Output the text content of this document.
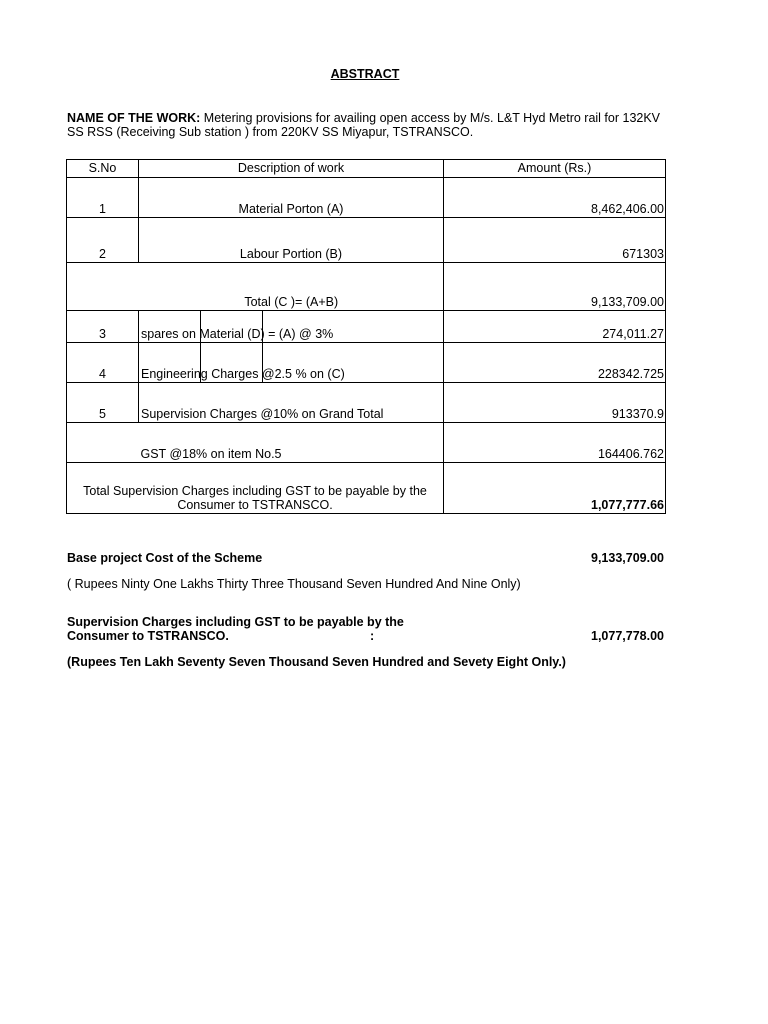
ABSTRACT
NAME OF THE WORK: Metering provisions for availing open access by M/s. L&T Hyd Metro rail for 132KV SS RSS (Receiving Sub station ) from 220KV SS Miyapur, TSTRANSCO.
S.No	Description of work	Amount (Rs.)
1	Material Porton (A)	8,462,406.00
2	Labour Portion (B)	671303
	Total (C )= (A+B)	9,133,709.00
3	spares on Material (D) = (A) @ 3%	274,011.27
4	Engineering Charges @2.5 % on (C)	228342.725
5	Supervision Charges @10% on Grand Total	913370.9
	GST @18% on item No.5	164406.762
Total Supervision Charges including GST to be payable by the Consumer to TSTRANSCO.		1,077,777.66
Base project Cost of the Scheme	9,133,709.00
( Rupees Ninty One Lakhs Thirty Three Thousand Seven Hundred And Nine Only)
Supervision Charges including GST to be payable by the
Consumer to TSTRANSCO.	:	1,077,778.00
(Rupees Ten Lakh Seventy Seven Thousand Seven Hundred and Sevety Eight Only.)
